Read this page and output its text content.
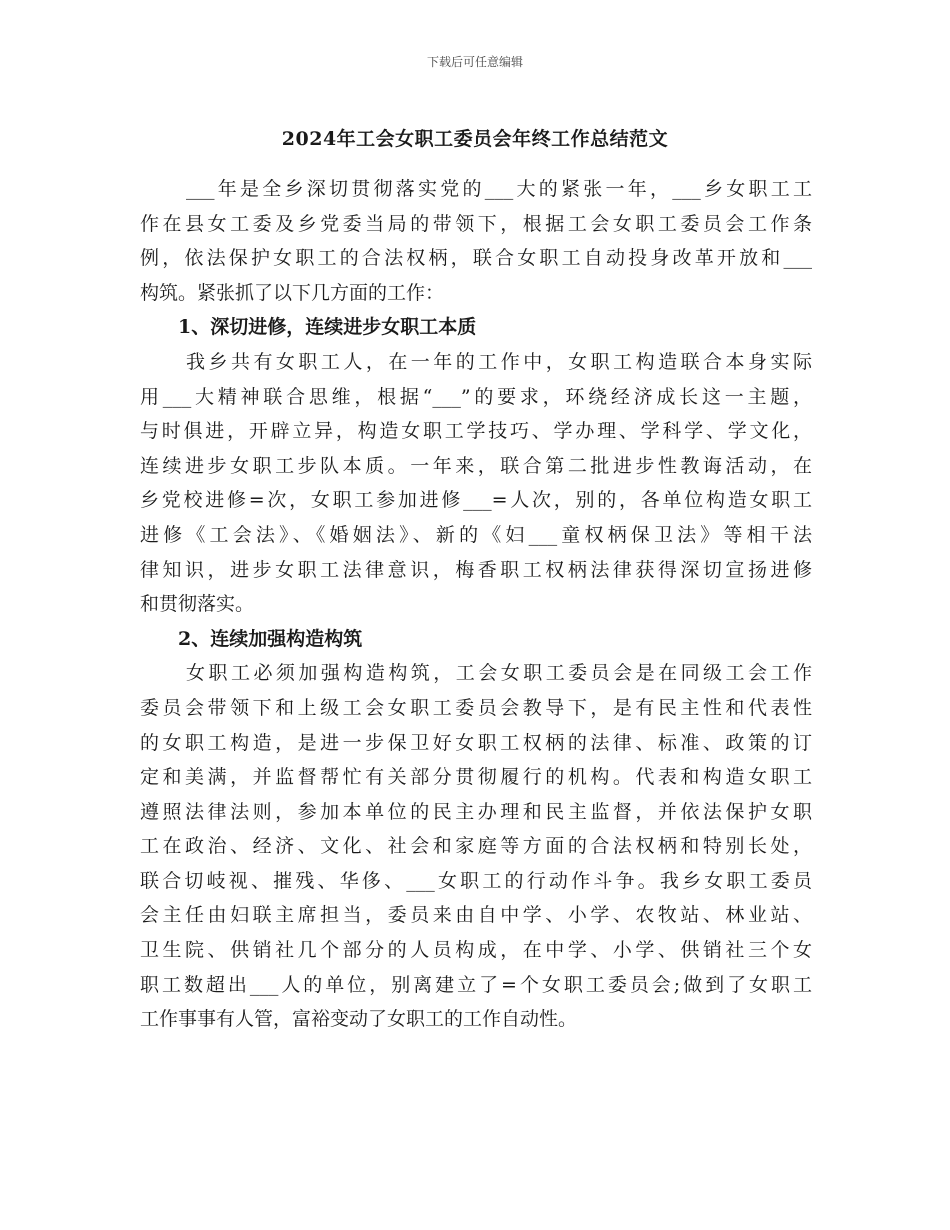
下载后可任意编辑
2024年工会女职工委员会年终工作总结范文
___年是全乡深切贯彻落实党的___大的紧张一年，___乡女职工工
作在县女工委及乡党委当局的带领下，根据工会女职工委员会工作条
例，依法保护女职工的合法权柄，联合女职工自动投身改革开放和___
构筑。紧张抓了以下几方面的工作：
1、深切进修，连续进步女职工本质
我乡共有女职工人，在一年的工作中，女职工构造联合本身实际
用___大精神联合思维，根据“___”的要求，环绕经济成长这一主题，
与时俱进，开辟立异，构造女职工学技巧、学办理、学科学、学文化，
连续进步女职工步队本质。一年来，联合第二批进步性教诲活动，在
乡党校进修=次，女职工参加进修___=人次，别的，各单位构造女职工
进修《工会法》、《婚姻法》、新的《妇___童权柄保卫法》等相干法
律知识，进步女职工法律意识，梅香职工权柄法律获得深切宣扬进修
和贯彻落实。
2、连续加强构造构筑
女职工必须加强构造构筑，工会女职工委员会是在同级工会工作
委员会带领下和上级工会女职工委员会教导下，是有民主性和代表性
的女职工构造，是进一步保卫好女职工权柄的法律、标准、政策的订
定和美满，并监督帮忙有关部分贯彻履行的机构。代表和构造女职工
遵照法律法则，参加本单位的民主办理和民主监督，并依法保护女职
工在政治、经济、文化、社会和家庭等方面的合法权柄和特别长处，
联合切岐视、摧残、华侈、___女职工的行动作斗争。我乡女职工委员
会主任由妇联主席担当，委员来由自中学、小学、农牧站、林业站、
卫生院、供销社几个部分的人员构成，在中学、小学、供销社三个女
职工数超出___人的单位，别离建立了=个女职工委员会;做到了女职工
工作事事有人管，富裕变动了女职工的工作自动性。
